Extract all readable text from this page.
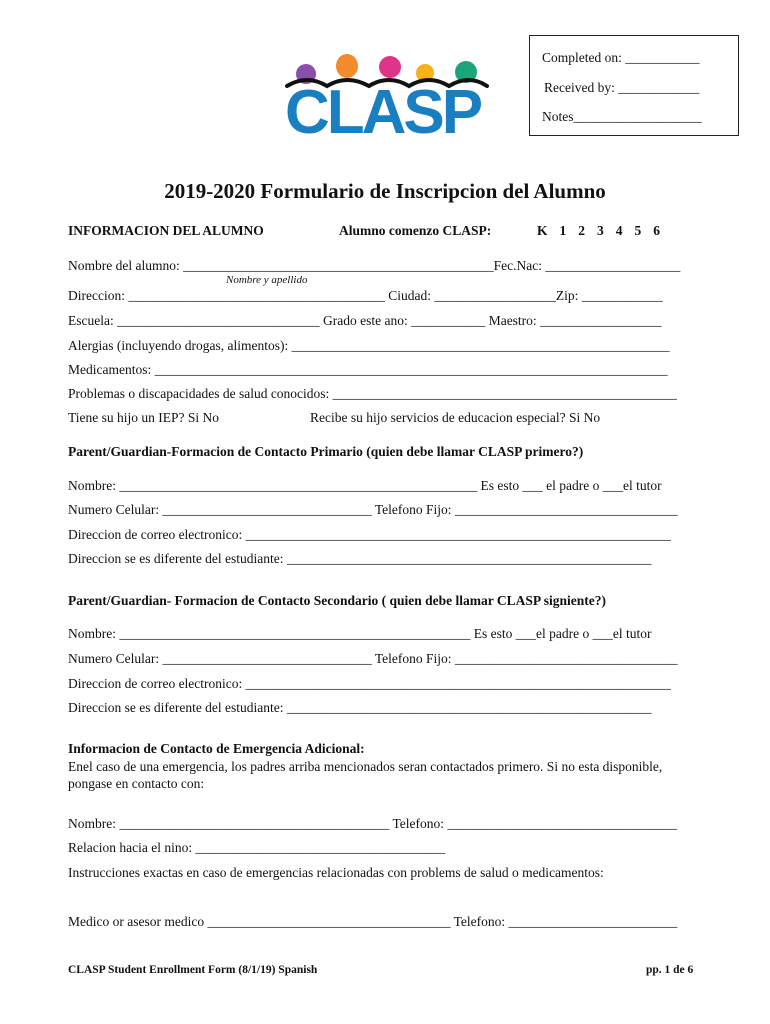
CLASP
Completed on: ___________
Received by: ____________
Notes___________________
2019-2020 Formulario de Inscripcion del Alumno
INFORMACION DEL ALUMNO	Alumno comenzo CLASP:	K 1 2 3 4 5 6
Nombre del alumno: ______________________________________________Fec.Nac: ____________________
Nombre y apellido
Direccion: ______________________________________ Ciudad: __________________Zip: ____________
Escuela: ______________________________ Grado este ano: ___________ Maestro: __________________
Alergias (incluyendo drogas, alimentos): ________________________________________________________
Medicamentos: ____________________________________________________________________________
Problemas o discapacidades de salud conocidos: ___________________________________________________
Tiene su hijo un IEP? Si No	Recibe su hijo servicios de educacion especial? Si No
Parent/Guardian-Formacion de Contacto Primario (quien debe llamar CLASP primero?)
Nombre: _____________________________________________________ Es esto ___ el padre o ___el tutor
Numero Celular: _______________________________ Telefono Fijo: _________________________________
Direccion de correo electronico: _______________________________________________________________
Direccion se es diferente del estudiante: ______________________________________________________
Parent/Guardian- Formacion de Contacto Secondario ( quien debe llamar CLASP signiente?)
Nombre: ____________________________________________________ Es esto ___el padre o ___el tutor
Numero Celular: _______________________________ Telefono Fijo: _________________________________
Direccion de correo electronico: _______________________________________________________________
Direccion se es diferente del estudiante: ______________________________________________________
Informacion de Contacto de Emergencia Adicional:
Enel caso de una emergencia, los padres arriba mencionados seran contactados primero. Si no esta disponible,
pongase en contacto con:
Nombre: ________________________________________ Telefono: __________________________________
Relacion hacia el nino: _____________________________________
Instrucciones exactas en caso de emergencias relacionadas con problems de salud o medicamentos:
Medico or asesor medico ____________________________________ Telefono: _________________________
CLASP Student Enrollment Form (8/1/19) Spanish	pp. 1 de 6
